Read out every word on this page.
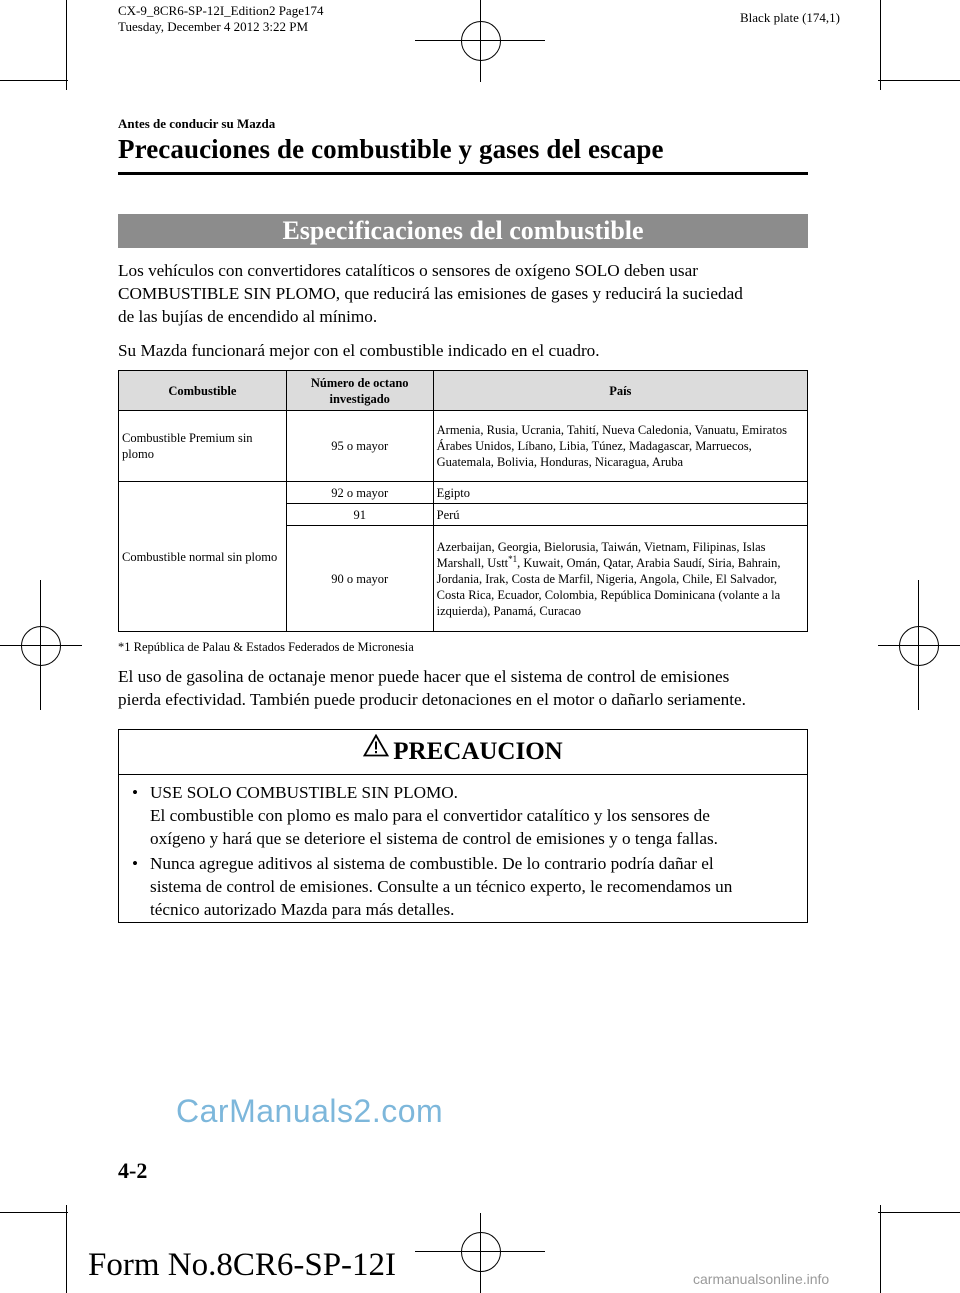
CX-9_8CR6-SP-12I_Edition2 Page174
Tuesday, December 4 2012 3:22 PM
Black plate (174,1)
Antes de conducir su Mazda
Precauciones de combustible y gases del escape
Especificaciones del combustible
Los vehículos con convertidores catalíticos o sensores de oxígeno SOLO deben usar
COMBUSTIBLE SIN PLOMO, que reducirá las emisiones de gases y reducirá la suciedad
de las bujías de encendido al mínimo.
Su Mazda funcionará mejor con el combustible indicado en el cuadro.
Combustible	Número de octano investigado	País
Combustible Premium sin plomo	95 o mayor	Armenia, Rusia, Ucrania, Tahití, Nueva Caledonia, Vanuatu, Emiratos Árabes Unidos, Líbano, Libia, Túnez, Madagascar, Marruecos, Guatemala, Bolivia, Honduras, Nicaragua, Aruba
Combustible normal sin plomo	92 o mayor	Egipto
	91	Perú
	90 o mayor	Azerbaijan, Georgia, Bielorusia, Taiwán, Vietnam, Filipinas, Islas Marshall, Ustt$^{*1}$, Kuwait, Omán, Qatar, Arabia Saudí, Siria, Bahrain, Jordania, Irak, Costa de Marfil, Nigeria, Angola, Chile, El Salvador, Costa Rica, Ecuador, Colombia, República Dominicana (volante a la izquierda), Panamá, Curacao
*1 República de Palau & Estados Federados de Micronesia
El uso de gasolina de octanaje menor puede hacer que el sistema de control de emisiones
pierda efectividad. También puede producir detonaciones en el motor o dañarlo seriamente.
PRECAUCION
• USE SOLO COMBUSTIBLE SIN PLOMO.
El combustible con plomo es malo para el convertidor catalítico y los sensores de
oxígeno y hará que se deteriore el sistema de control de emisiones y o tenga fallas.
• Nunca agregue aditivos al sistema de combustible. De lo contrario podría dañar el
sistema de control de emisiones. Consulte a un técnico experto, le recomendamos un
técnico autorizado Mazda para más detalles.
CarManuals2.com
4-2
Form No.8CR6-SP-12I	carmanualsonline.info
